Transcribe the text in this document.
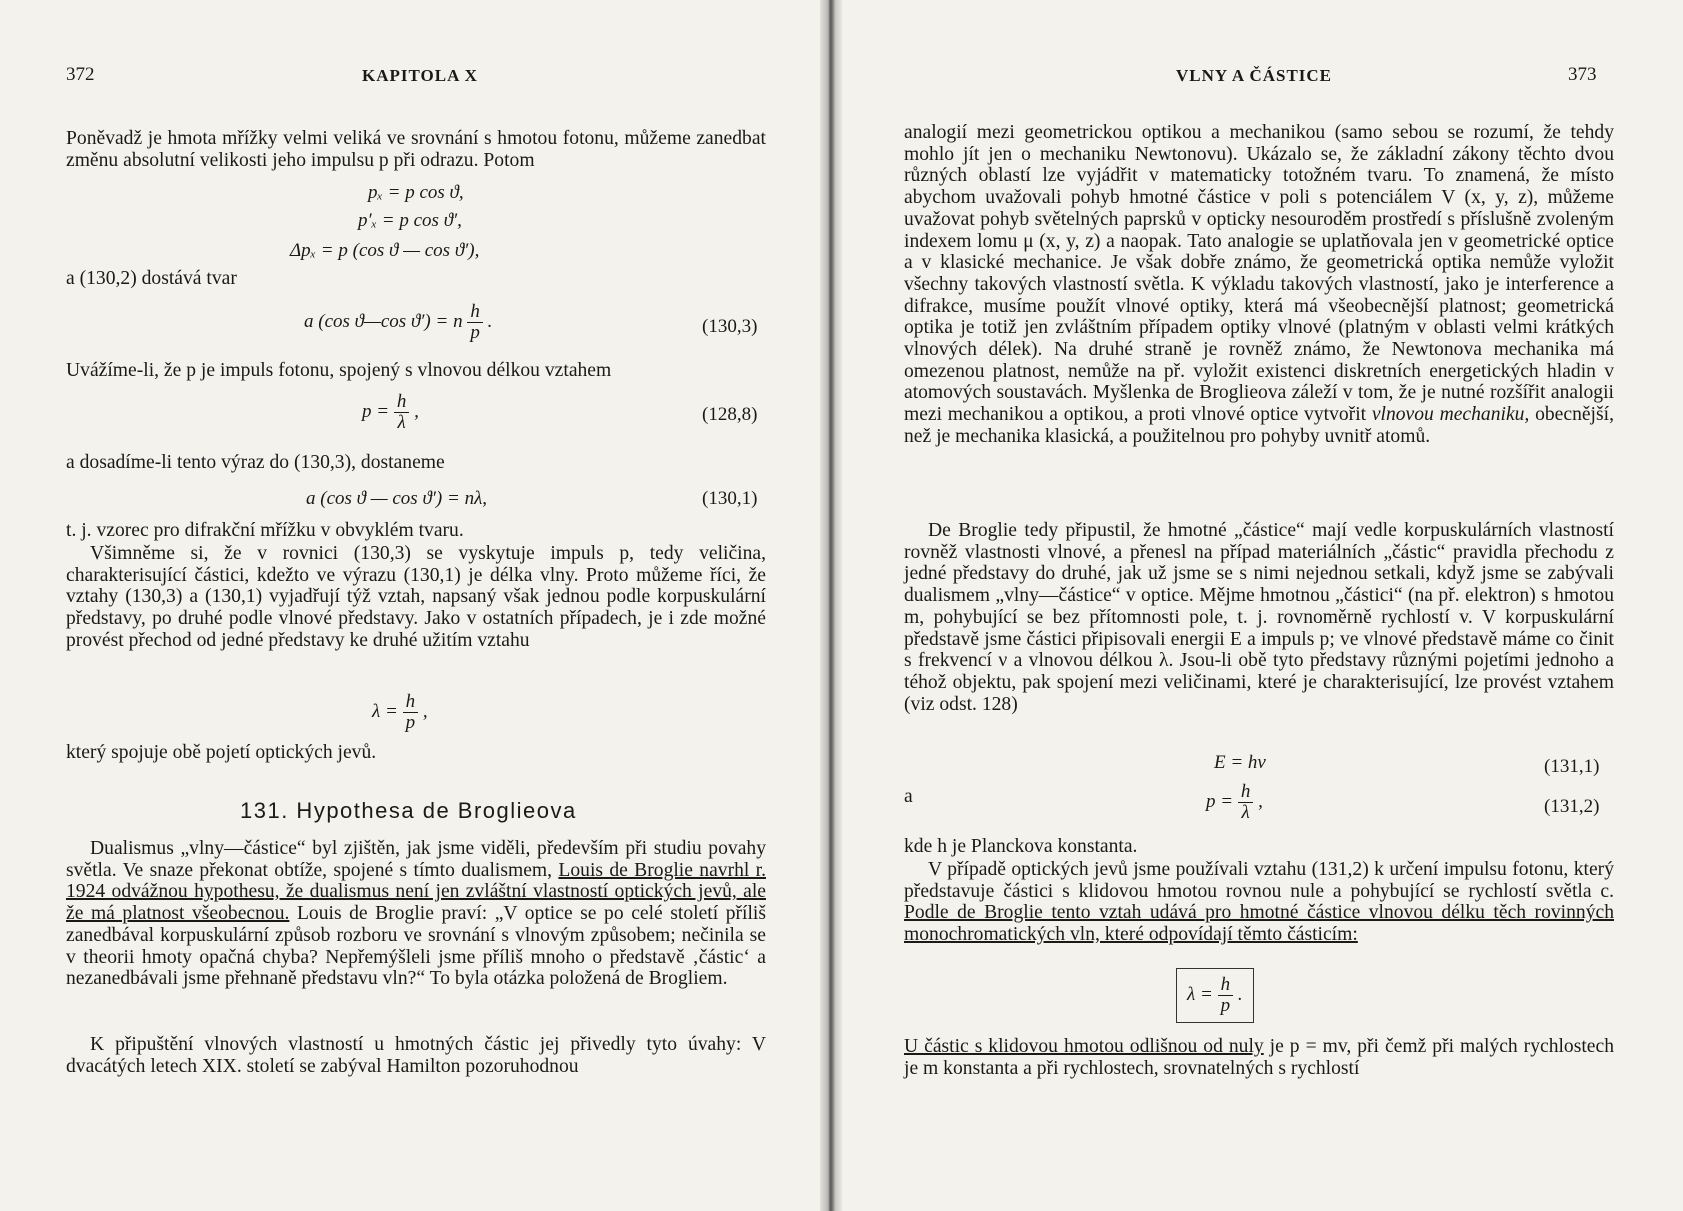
372	KAPITOLA X

Poněvadž je hmota mřížky velmi veliká ve srovnání s hmotou fotonu, můžeme zanedbat změnu absolutní velikosti jeho impulsu p při odrazu. Potom

pₓ = p cos ϑ,
p′ₓ = p cos ϑ′,
Δpₓ = p (cos ϑ — cos ϑ′),
a (130,2) dostává tvar
a (cos ϑ—cos ϑ′) = n $\frac{h}{p}$ .	(130,3)

Uvážíme-li, že p je impuls fotonu, spojený s vlnovou délkou vztahem

$p = \frac{h}{\lambda}$ ,	(128,8)
a dosadíme-li tento výraz do (130,3), dostaneme
a (cos ϑ — cos ϑ′) = nλ,	(130,1)
t. j. vzorec pro difrakční mřížku v obvyklém tvaru.

Všimněme si, že v rovnici (130,3) se vyskytuje impuls p, tedy veličina, charakterisující částici, kdežto ve výrazu (130,1) je délka vlny. Proto můžeme říci, že vztahy (130,3) a (130,1) vyjadřují týž vztah, napsaný však jednou podle korpuskulární představy, po druhé podle vlnové představy. Jako v ostatních případech, je i zde možné provést přechod od jedné představy ke druhé užitím vztahu

$\lambda = \frac{h}{p}$ ,
který spojuje obě pojetí optických jevů.
131. Hypothesa de Broglieova

Dualismus „vlny—částice“ byl zjištěn, jak jsme viděli, především při studiu povahy světla. Ve snaze překonat obtíže, spojené s tímto dualismem, Louis de Broglie navrhl r. 1924 odvážnou hypothesu, že dualismus není jen zvláštní vlastností optických jevů, ale že má platnost všeobecnou. Louis de Broglie praví: „V optice se po celé století příliš zanedbával korpuskulární způsob rozboru ve srovnání s vlnovým způsobem; nečinila se v theorii hmoty opačná chyba? Nepřemýšleli jsme příliš mnoho o představě ‚částic‘ a nezanedbávali jsme přehnaně představu vln?“ To byla otázka položená de Brogliem.

K připuštění vlnových vlastností u hmotných částic jej přivedly tyto úvahy: V dvacátých letech XIX. století se zabýval Hamilton pozoruhodnou

VLNY A ČÁSTICE	373

analogií mezi geometrickou optikou a mechanikou (samo sebou se rozumí, že tehdy mohlo jít jen o mechaniku Newtonovu). Ukázalo se, že základní zákony těchto dvou různých oblastí lze vyjádřit v matematicky totožném tvaru. To znamená, že místo abychom uvažovali pohyb hmotné částice v poli s potenciálem V (x, y, z), můžeme uvažovat pohyb světelných paprsků v opticky nesouroděm prostředí s příslušně zvoleným indexem lomu μ (x, y, z) a naopak. Tato analogie se uplatňovala jen v geometrické optice a v klasické mechanice. Je však dobře známo, že geometrická optika nemůže vyložit všechny takových vlastností světla. K výkladu takových vlastností, jako je interference a difrakce, musíme použít vlnové optiky, která má všeobecnější platnost; geometrická optika je totiž jen zvláštním případem optiky vlnové (platným v oblasti velmi krátkých vlnových délek). Na druhé straně je rovněž známo, že Newtonova mechanika má omezenou platnost, nemůže na př. vyložit existenci diskretních energetických hladin v atomových soustavách. Myšlenka de Broglieova záleží v tom, že je nutné rozšířit analogii mezi mechanikou a optikou, a proti vlnové optice vytvořit vlnovou mechaniku, obecnější, než je mechanika klasická, a použitelnou pro pohyby uvnitř atomů.

De Broglie tedy připustil, že hmotné „částice“ mají vedle korpuskulárních vlastností rovněž vlastnosti vlnové, a přenesl na případ materiálních „částic“ pravidla přechodu z jedné představy do druhé, jak už jsme se s nimi nejednou setkali, když jsme se zabývali dualismem „vlny—částice“ v optice. Mějme hmotnou „částici“ (na př. elektron) s hmotou m, pohybující se bez přítomnosti pole, t. j. rovnoměrně rychlostí v. V korpuskulární představě jsme částici připisovali energii E a impuls p; ve vlnové představě máme co činit s frekvencí ν a vlnovou délkou λ. Jsou-li obě tyto představy různými pojetími jednoho a téhož objektu, pak spojení mezi veličinami, které je charakterisující, lze provést vztahem (viz odst. 128)

E = hν	(131,1)
a	$p = \frac{h}{\lambda}$ ,	(131,2)
kde h je Planckova konstanta.

V případě optických jevů jsme používali vztahu (131,2) k určení impulsu fotonu, který představuje částici s klidovou hmotou rovnou nule a pohybující se rychlostí světla c. Podle de Broglie tento vztah udává pro hmotné částice vlnovou délku těch rovinných monochromatických vln, které odpovídají těmto částicím:

$\lambda = \frac{h}{p}$ .

U částic s klidovou hmotou odlišnou od nuly je p = mv, při čemž při malých rychlostech je m konstanta a při rychlostech, srovnatelných s rychlostí
